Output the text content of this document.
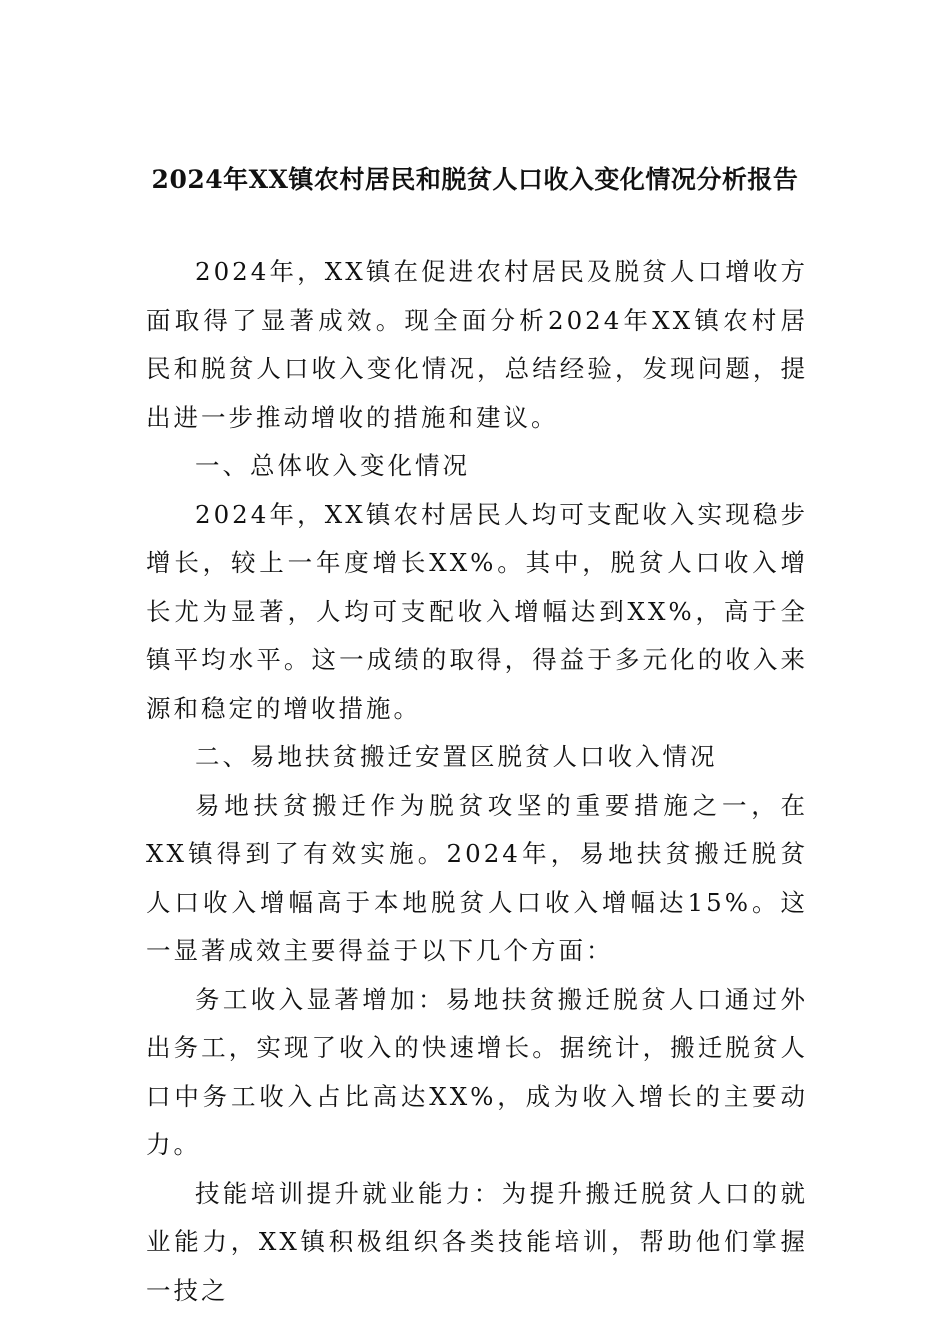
2024年XX镇农村居民和脱贫人口收入变化情况分析报告

2024年，XX镇在促进农村居民及脱贫人口增收方面取得了显著成效。现全面分析2024年XX镇农村居民和脱贫人口收入变化情况，总结经验，发现问题，提出进一步推动增收的措施和建议。

一、总体收入变化情况

2024年，XX镇农村居民人均可支配收入实现稳步增长，较上一年度增长XX%。其中，脱贫人口收入增长尤为显著，人均可支配收入增幅达到XX%，高于全镇平均水平。这一成绩的取得，得益于多元化的收入来源和稳定的增收措施。

二、易地扶贫搬迁安置区脱贫人口收入情况

易地扶贫搬迁作为脱贫攻坚的重要措施之一，在XX镇得到了有效实施。2024年，易地扶贫搬迁脱贫人口收入增幅高于本地脱贫人口收入增幅达15%。这一显著成效主要得益于以下几个方面：

务工收入显著增加：易地扶贫搬迁脱贫人口通过外出务工，实现了收入的快速增长。据统计，搬迁脱贫人口中务工收入占比高达XX%，成为收入增长的主要动力。

技能培训提升就业能力：为提升搬迁脱贫人口的就业能力，XX镇积极组织各类技能培训，帮助他们掌握一技之
